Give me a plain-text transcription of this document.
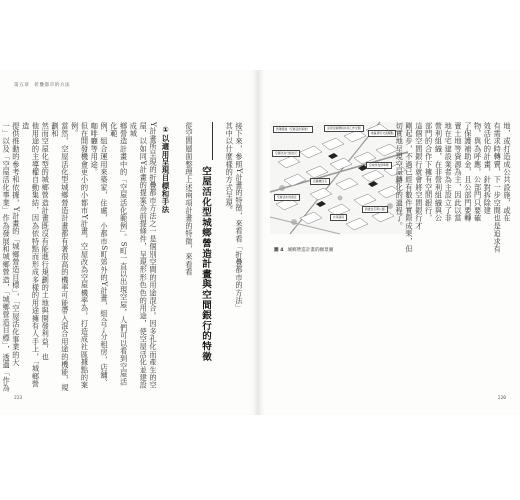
第五章　折疊都市的方法
接下來，參照Y計畫的特徵，來看看「折疊都市的方法」
其中以什麼樣的方式呈現。
空屋活化型城鄉營造計畫與空間銀行的特徵
從空間層面整理上述兩項計畫的特徵，來看看
①以適用呈現目標和手法
Y計畫所呈現的折疊都市方法之一是個別空間的用途混合。因多孔化而產生的空
屋，以如同Y計畫的提案為前提條件，呈現形形色色的用途，使空屋活化並建設成城
鄉營造計畫中的「空屋活化範例」。S町一直以出現空屋，人們可以看到空屋活化範
例，組合運用來築家，住處，小都市S町郊外的Y計畫，組合了分租房，店舖、咖啡廳等用途。
但在開發機會更小的小都市Y計畫，空屋改為空屋機率為，打造成社區據點的案例。
當然，空屋活化型城鄉營造計畫都有著很高的機率可能帶入混合用途的機能，規劃和
然而空屋化型的城鄉營造計畫既沒有能進行規劃的土地與開發利益，也
他用途的主導權自動集結，因為依特點而形成多樣的用途擁有人手上，「城鄉營造
提供推動的參考和依據，Y計畫的「城鄉營造目標」，「空屋活化事業的大
一」以及「空屋活化事業」作為發展和城鄉營造，「城鄉營造目標」，透過「作為

223
營運組織（空屋活化事業）	活用空屋開設共同工作空間
地區居民交流據點
空屋改為分租住宅
空屋活化的商店
店舖兼住宅
空地作為停車場
共享廚房
新建住宅與公園
圖 4 城鄉營造計畫的願景圖
地，或打造成公共設施，或在
有需求時轉賣，下一步空間也是追求有
效活化的計畫，針對拆除建
物，與為呼應，公部門只要確
了保護補助金，且公部門要轉
賣土地等資源為主，因此以當
地在宅建設業者為主設立了非
營利組織，在非營利組織與公
部門的合作下擁有空間銀行，
這個空間銀行就會將空間銀行才
剛起步，不過已經有數件實際成果，但
切實地呈現空屋轉化的過程了。
220
